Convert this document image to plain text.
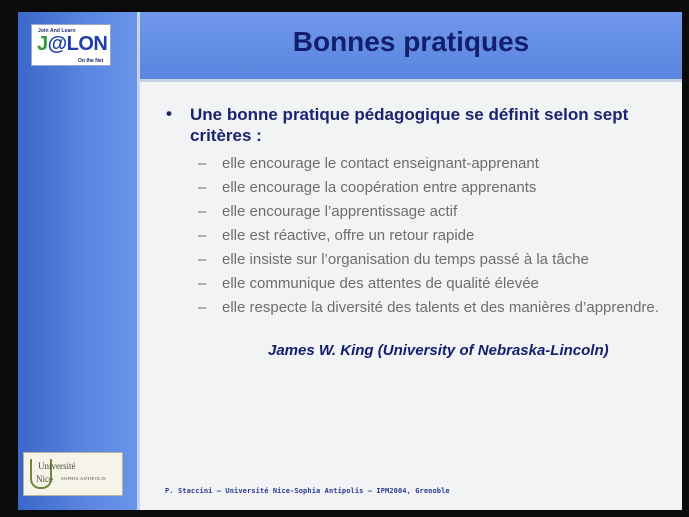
Bonnes pratiques
Join And Learn
J@LON
On the Net
Université
Nice SOPHIA ANTIPOLIS
• Une bonne pratique pédagogique se définit selon sept critères :
– elle encourage le contact enseignant-apprenant
– elle encourage la coopération entre apprenants
– elle encourage l’apprentissage actif
– elle est réactive, offre un retour rapide
– elle insiste sur l’organisation du temps passé à la tâche
– elle communique des attentes de qualité élevée
– elle respecte la diversité des talents et des manières d’apprendre.
James W. King (University of Nebraska-Lincoln)
P. Staccini – Université Nice-Sophia Antipolis – IPM2004, Grenoble
